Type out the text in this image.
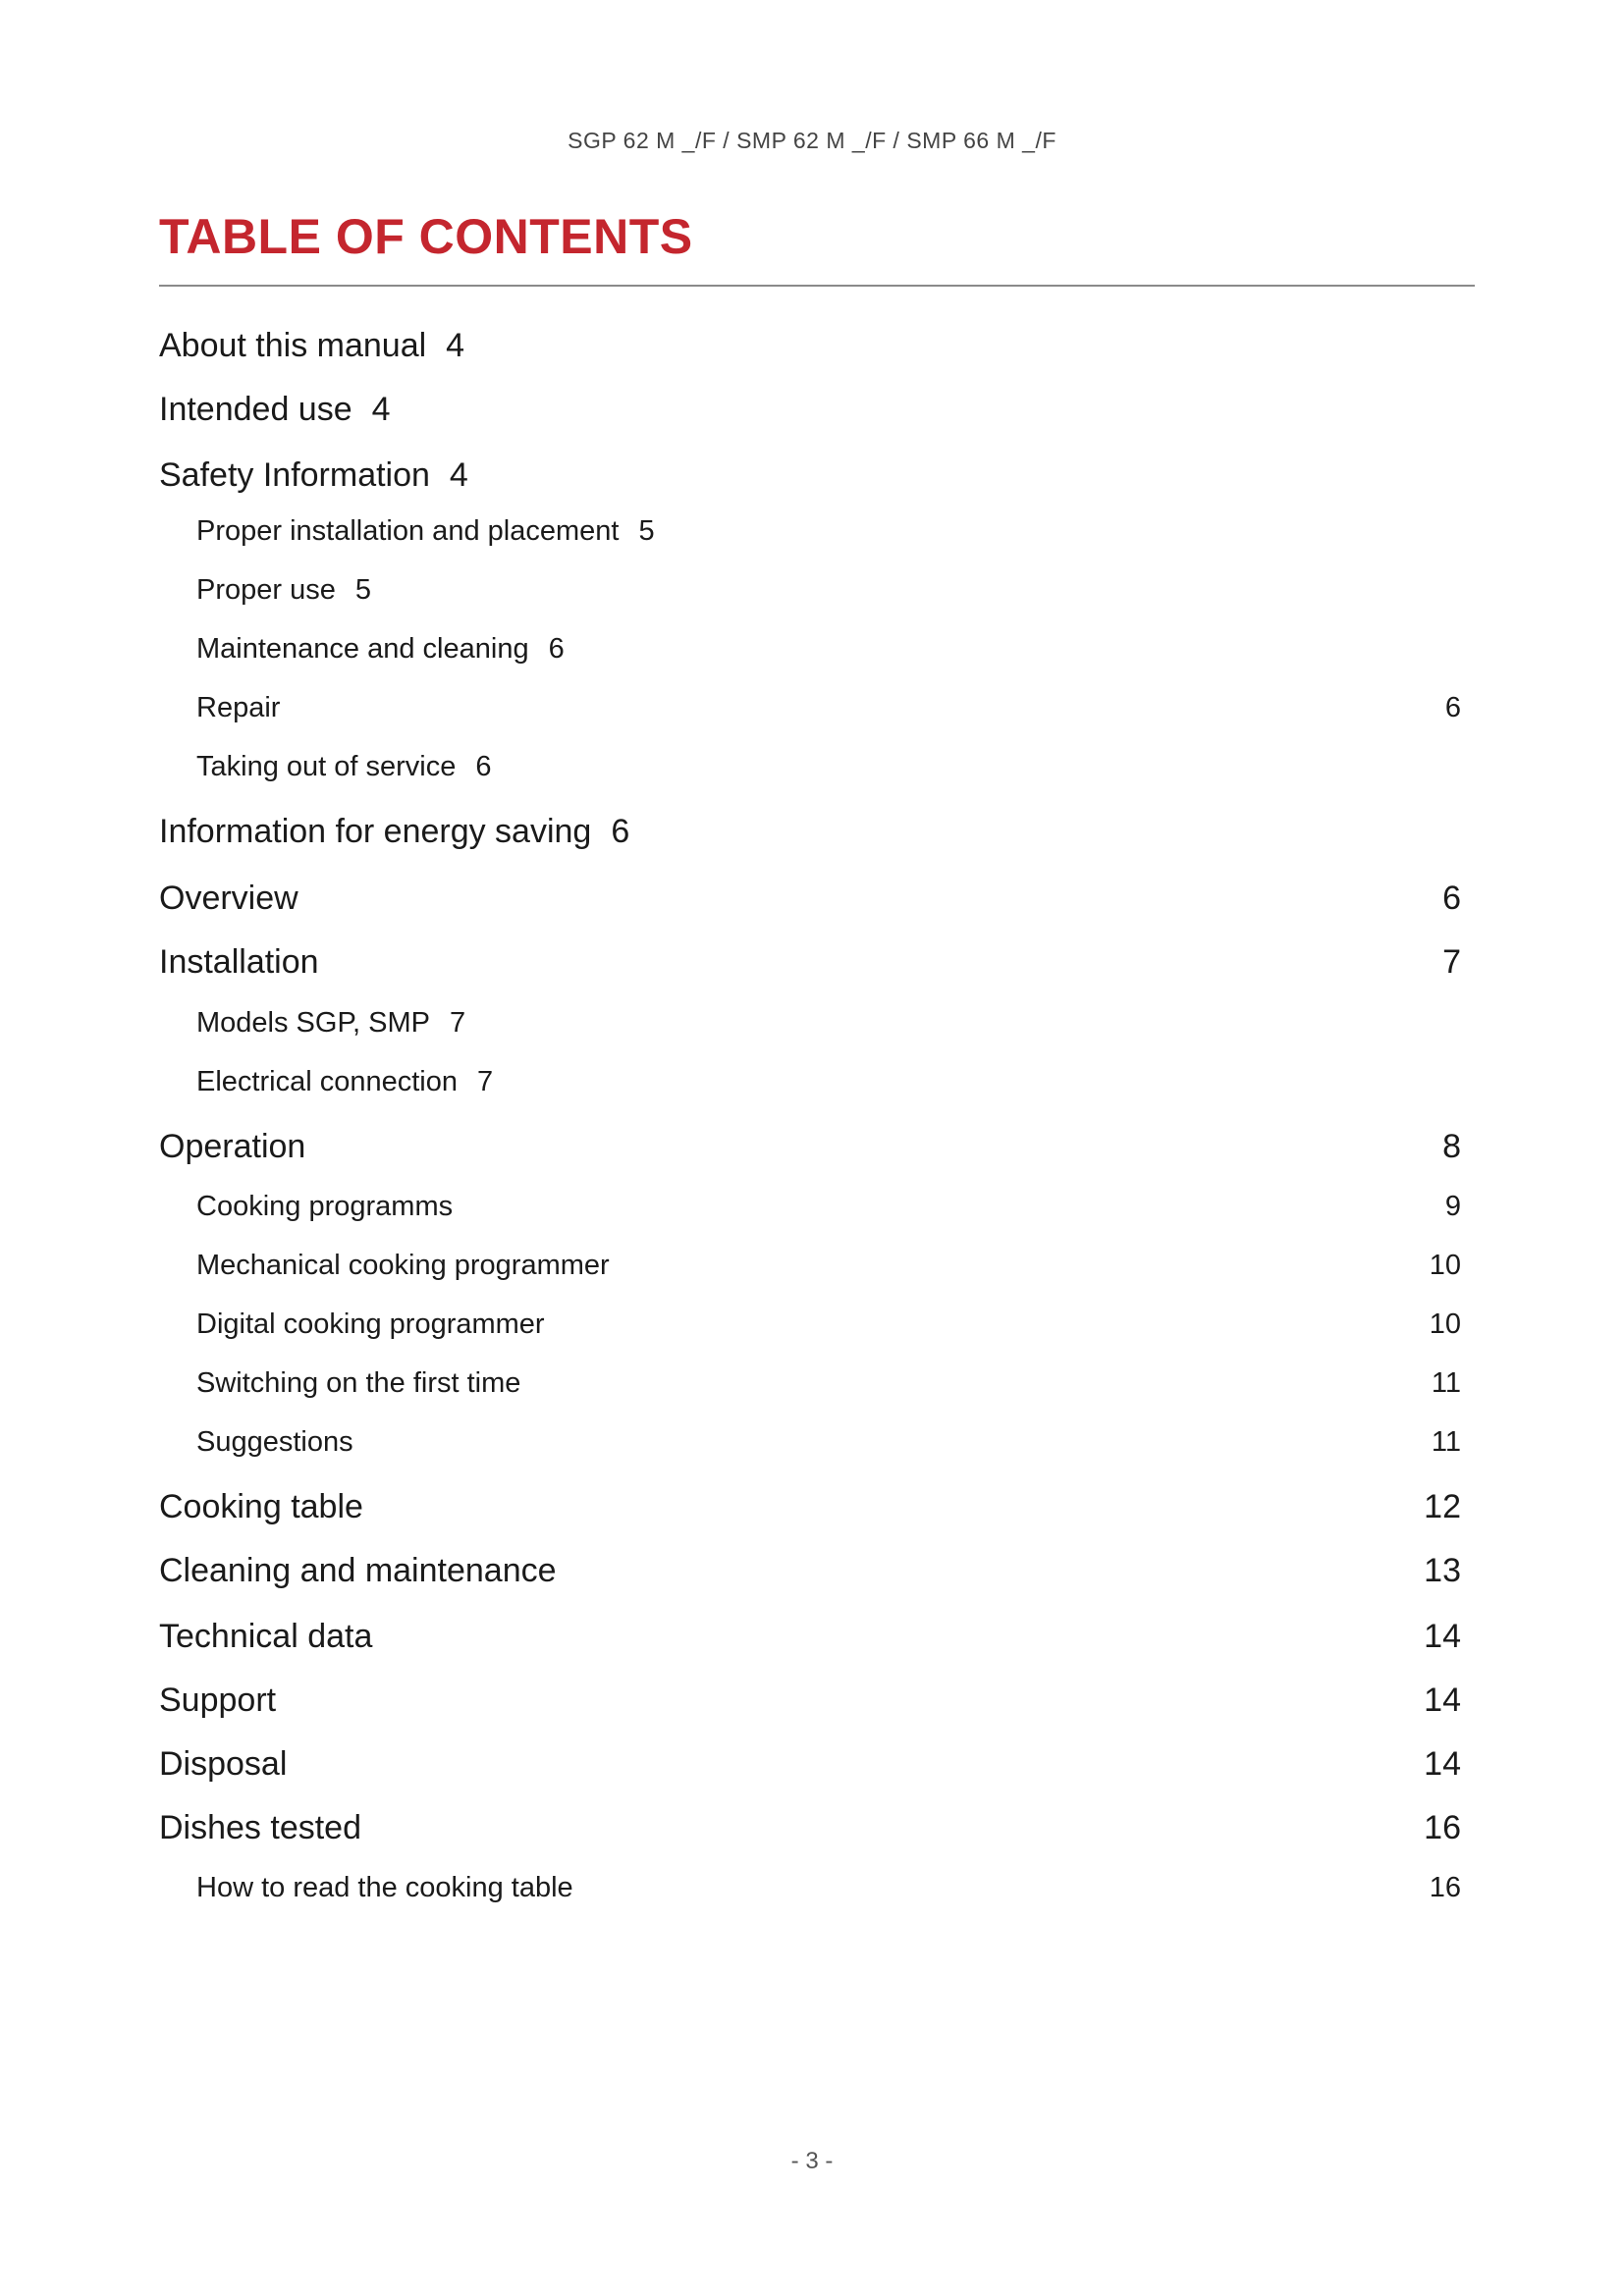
SGP 62 M _/F / SMP 62 M _/F / SMP 66 M _/F
TABLE OF CONTENTS
About this manual 4
Intended use 4
Safety Information 4
Proper installation and placement 5
Proper use 5
Maintenance and cleaning 6
Repair	6
Taking out of service 6
Information for energy saving 6
Overview	6
Installation	7
Models SGP, SMP 7
Electrical connection 7
Operation	8
Cooking programms	9
Mechanical cooking programmer	10
Digital cooking programmer	10
Switching on the first time	11
Suggestions	11
Cooking table	12
Cleaning and maintenance	13
Technical data	14
Support	14
Disposal	14
Dishes tested	16
How to read the cooking table	16
- 3 -
